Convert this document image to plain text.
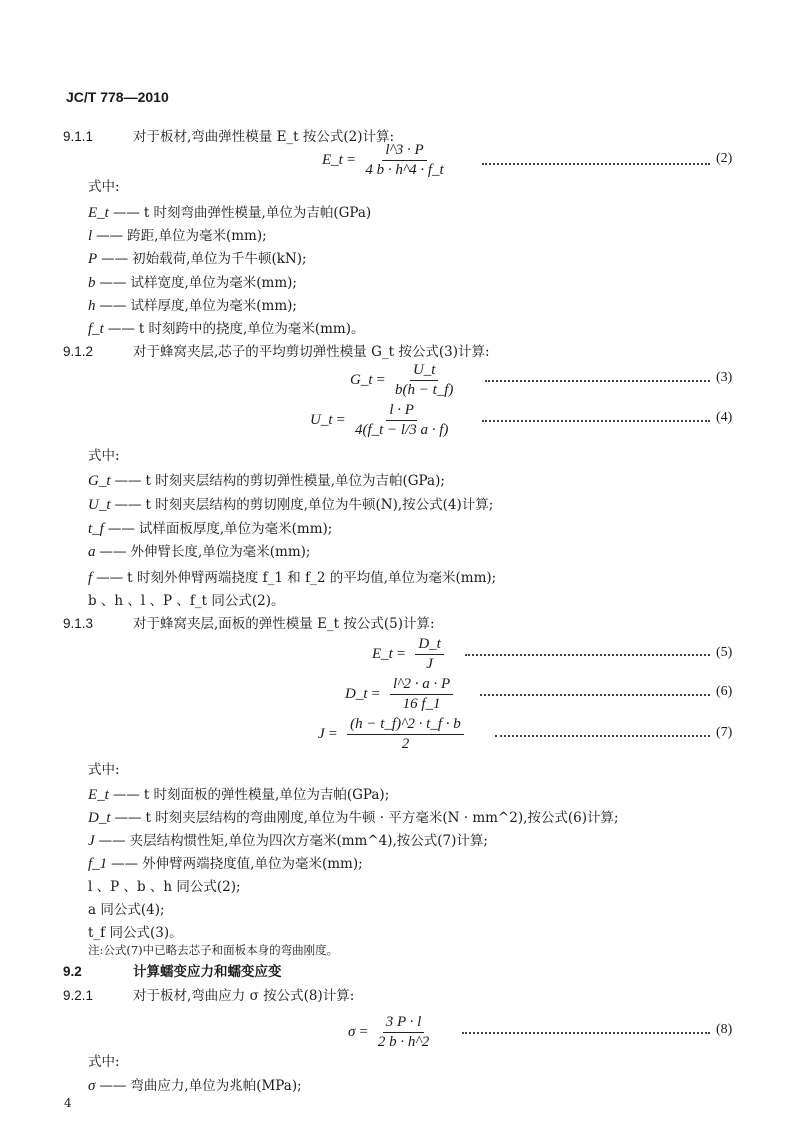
JC/T 778—2010
9.1.1	对于板材,弯曲弹性模量 E_t 按公式(2)计算:
E_t = $\frac{l\^{}3 \cdot P}{4 b \cdot h\^{}4 \cdot f\_t}$	(2)
式中:
E_t —— t 时刻弯曲弹性模量,单位为吉帕(GPa)
l —— 跨距,单位为毫米(mm);
P —— 初始载荷,单位为千牛顿(kN);
b —— 试样宽度,单位为毫米(mm);
h —— 试样厚度,单位为毫米(mm);
f_t —— t 时刻跨中的挠度,单位为毫米(mm)。
9.1.2	对于蜂窝夹层,芯子的平均剪切弹性模量 G_t 按公式(3)计算:
G_t = $\frac{U\_t}{b(h - t\_f)}$	(3)
U_t = $\frac{l \cdot P}{4(f\_t - l/3 a \cdot f)}$	(4)
式中:
G_t —— t 时刻夹层结构的剪切弹性模量,单位为吉帕(GPa);
U_t —— t 时刻夹层结构的剪切刚度,单位为牛顿(N),按公式(4)计算;
t_f —— 试样面板厚度,单位为毫米(mm);
a —— 外伸臂长度,单位为毫米(mm);
f —— t 时刻外伸臂两端挠度 f_1 和 f_2 的平均值,单位为毫米(mm);
b 、h 、l 、P 、f_t 同公式(2)。
9.1.3	对于蜂窝夹层,面板的弹性模量 E_t 按公式(5)计算:
E_t = $\frac{D\_t}{J}$	(5)
D_t = $\frac{l\^{}2 \cdot a \cdot P}{16 f\_1}$	(6)
$J = \frac{(h - t\_f)\^{}2 \cdot t\_f \cdot b}{2}$	(7)
式中:
E_t —— t 时刻面板的弹性模量,单位为吉帕(GPa);
D_t —— t 时刻夹层结构的弯曲刚度,单位为牛顿 · 平方毫米(N · mm^2),按公式(6)计算;
J —— 夹层结构惯性矩,单位为四次方毫米(mm^4),按公式(7)计算;
f_1 —— 外伸臂两端挠度值,单位为毫米(mm);
l 、P 、b 、h 同公式(2);
a 同公式(4);
t_f 同公式(3)。
注:公式(7)中已略去芯子和面板本身的弯曲刚度。
9.2	计算蠕变应力和蠕变应变
9.2.1	对于板材,弯曲应力 σ 按公式(8)计算:
$\sigma = \frac{3 P \cdot l}{2 b \cdot h\^{}2}$	(8)
式中:
σ —— 弯曲应力,单位为兆帕(MPa);
4
